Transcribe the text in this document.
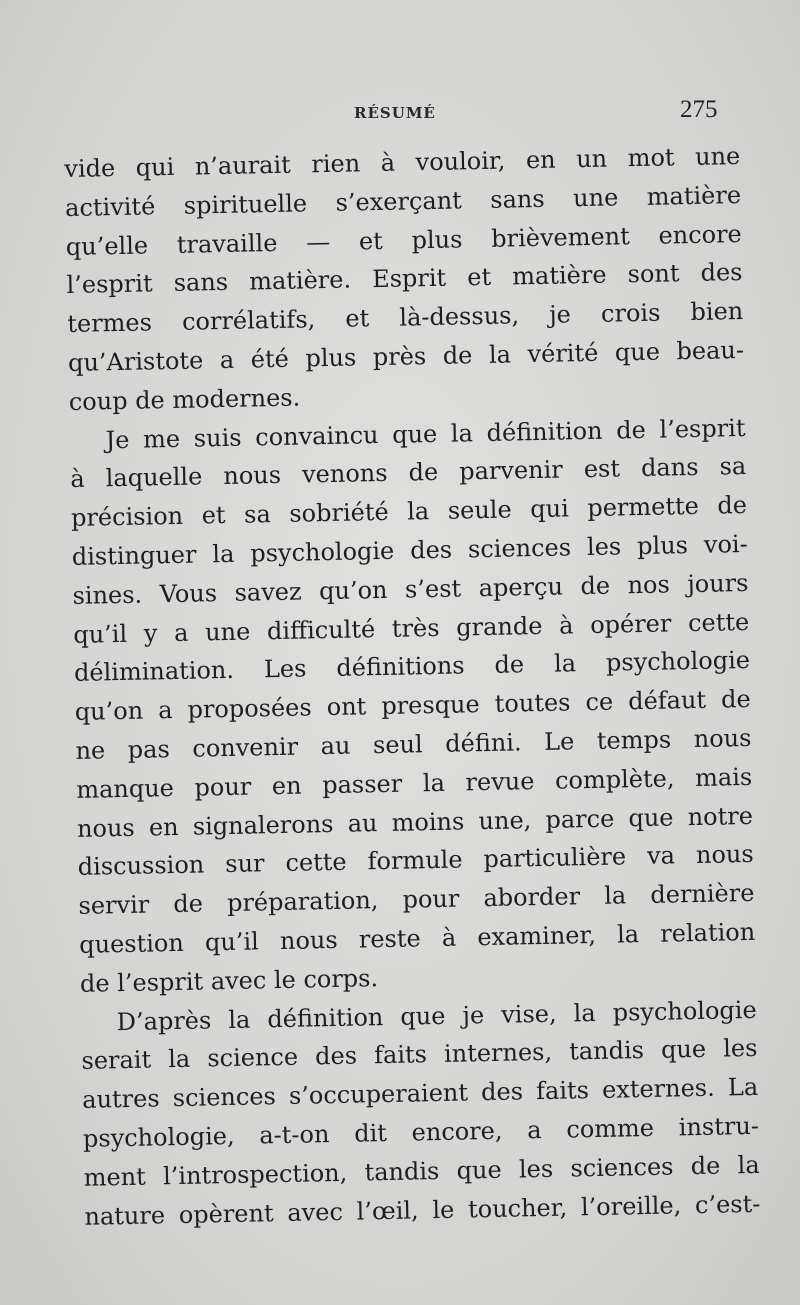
RÉSUMÉ	275
vide qui n’aurait rien à vouloir, en un mot une
activité spirituelle s’exerçant sans une matière
qu’elle travaille — et plus brièvement encore
l’esprit sans matière. Esprit et matière sont des
termes corrélatifs, et là-dessus, je crois bien
qu’Aristote a été plus près de la vérité que beau-
coup de modernes.
Je me suis convaincu que la définition de l’esprit
à laquelle nous venons de parvenir est dans sa
précision et sa sobriété la seule qui permette de
distinguer la psychologie des sciences les plus voi-
sines. Vous savez qu’on s’est aperçu de nos jours
qu’il y a une difficulté très grande à opérer cette
délimination. Les définitions de la psychologie
qu’on a proposées ont presque toutes ce défaut de
ne pas convenir au seul défini. Le temps nous
manque pour en passer la revue complète, mais
nous en signalerons au moins une, parce que notre
discussion sur cette formule particulière va nous
servir de préparation, pour aborder la dernière
question qu’il nous reste à examiner, la relation
de l’esprit avec le corps.
D’après la définition que je vise, la psychologie
serait la science des faits internes, tandis que les
autres sciences s’occuperaient des faits externes. La
psychologie, a-t-on dit encore, a comme instru-
ment l’introspection, tandis que les sciences de la
nature opèrent avec l’œil, le toucher, l’oreille, c’est-
